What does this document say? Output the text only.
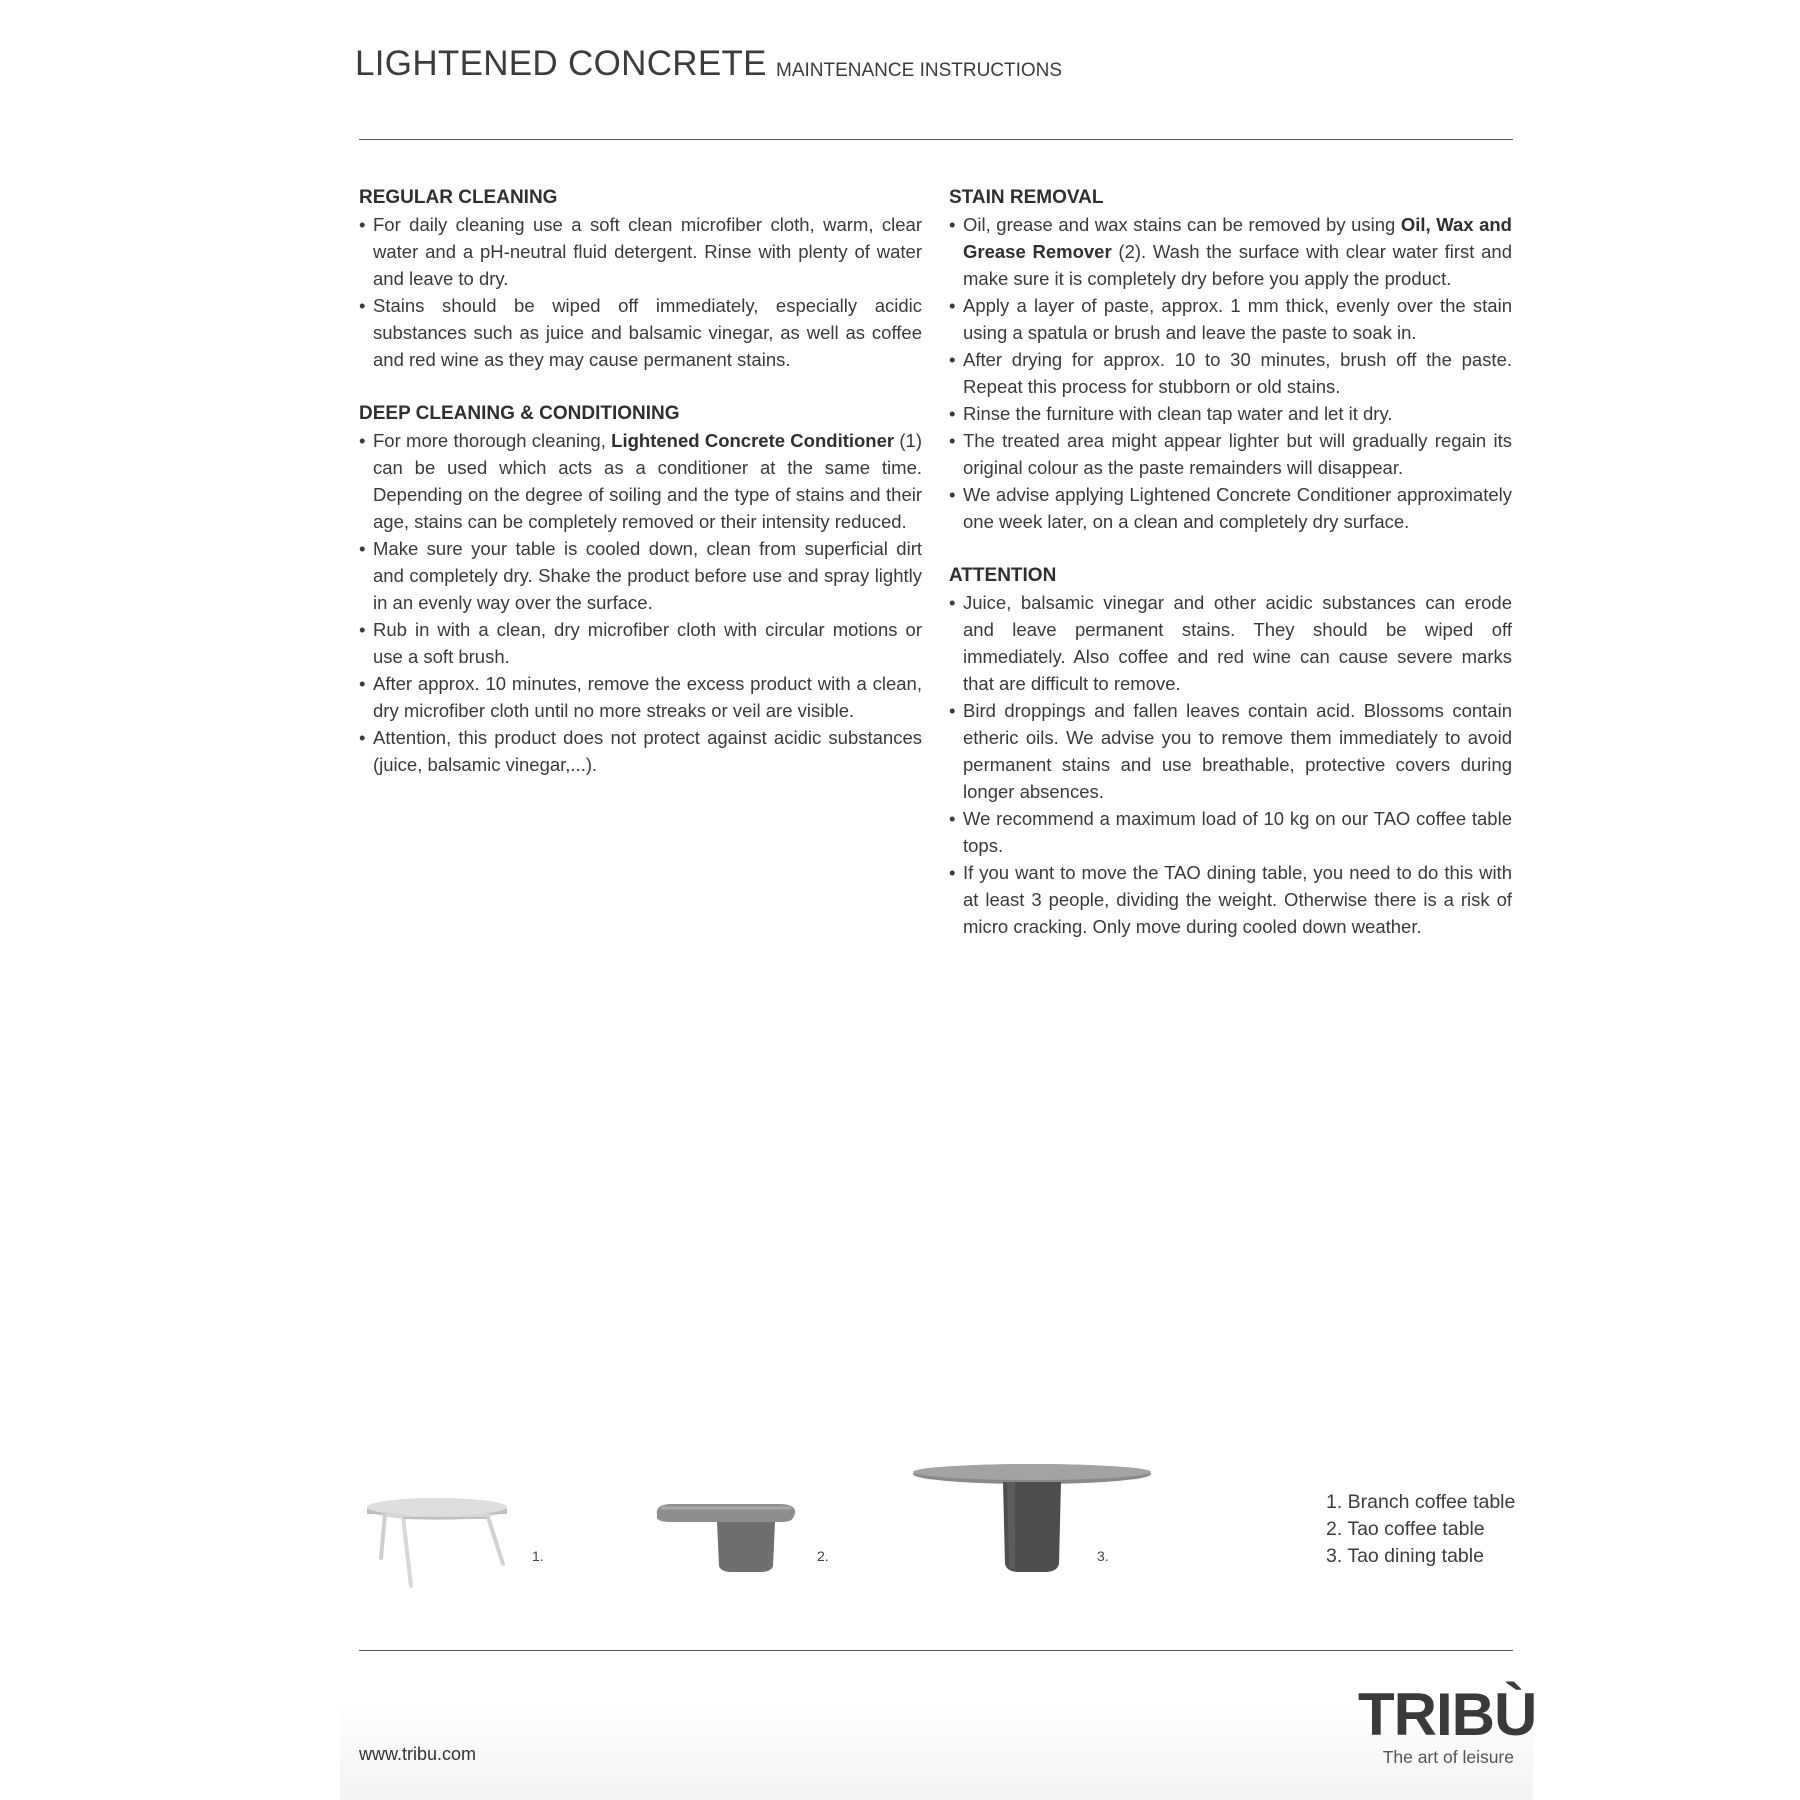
LIGHTENED CONCRETE MAINTENANCE INSTRUCTIONS
REGULAR CLEANING
• For daily cleaning use a soft clean microfiber cloth, warm, clear water and a pH-neutral fluid detergent. Rinse with plenty of water and leave to dry.
• Stains should be wiped off immediately, especially acidic substances such as juice and balsamic vinegar, as well as coffee and red wine as they may cause permanent stains.
DEEP CLEANING & CONDITIONING
• For more thorough cleaning, Lightened Concrete Conditioner (1) can be used which acts as a conditioner at the same time. Depending on the degree of soiling and the type of stains and their age, stains can be completely removed or their intensity reduced.
• Make sure your table is cooled down, clean from superficial dirt and completely dry. Shake the product before use and spray lightly in an evenly way over the surface.
• Rub in with a clean, dry microfiber cloth with circular motions or use a soft brush.
• After approx. 10 minutes, remove the excess product with a clean, dry microfiber cloth until no more streaks or veil are visible.
• Attention, this product does not protect against acidic substances (juice, balsamic vinegar,...).
STAIN REMOVAL
• Oil, grease and wax stains can be removed by using Oil, Wax and Grease Remover (2). Wash the surface with clear water first and make sure it is completely dry before you apply the product.
• Apply a layer of paste, approx. 1 mm thick, evenly over the stain using a spatula or brush and leave the paste to soak in.
• After drying for approx. 10 to 30 minutes, brush off the paste. Repeat this process for stubborn or old stains.
• Rinse the furniture with clean tap water and let it dry.
• The treated area might appear lighter but will gradually regain its original colour as the paste remainders will disappear.
• We advise applying Lightened Concrete Conditioner approximately one week later, on a clean and completely dry surface.
ATTENTION
• Juice, balsamic vinegar and other acidic substances can erode and leave permanent stains. They should be wiped off immediately. Also coffee and red wine can cause severe marks that are difficult to remove.
• Bird droppings and fallen leaves contain acid. Blossoms contain etheric oils. We advise you to remove them immediately to avoid permanent stains and use breathable, protective covers during longer absences.
• We recommend a maximum load of 10 kg on our TAO coffee table tops.
• If you want to move the TAO dining table, you need to do this with at least 3 people, dividing the weight. Otherwise there is a risk of micro cracking. Only move during cooled down weather.
1.	2.	3.
1. Branch coffee table
2. Tao coffee table
3. Tao dining table
www.tribu.com
TRIBÙ
The art of leisure
